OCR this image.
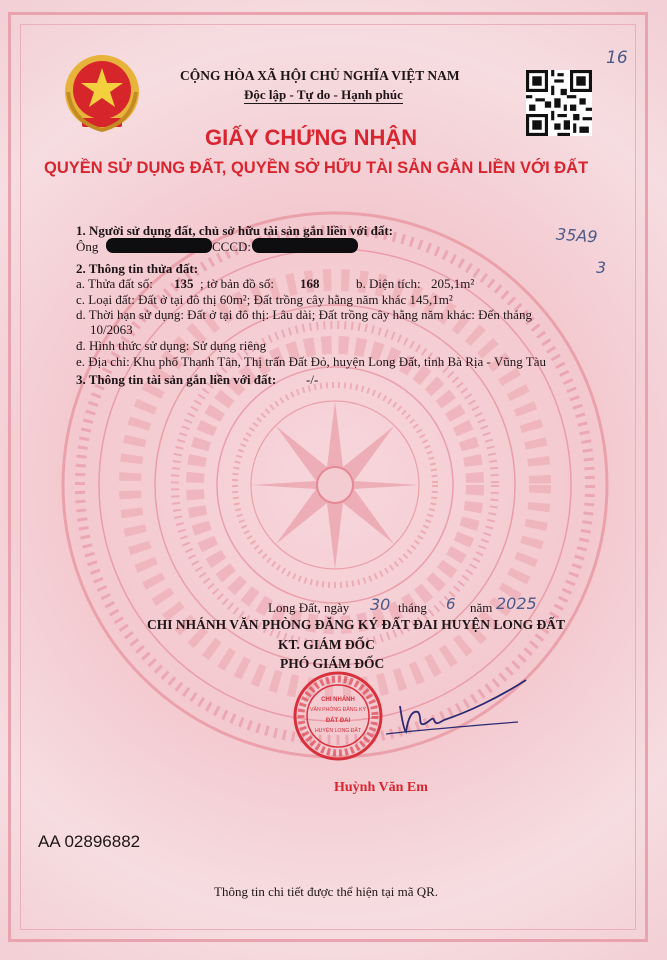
CỘNG HÒA XÃ HỘI CHỦ NGHĨA VIỆT NAM
Độc lập - Tự do - Hạnh phúc
16
35A9
3
GIẤY CHỨNG NHẬN
QUYỀN SỬ DỤNG ĐẤT, QUYỀN SỞ HỮU TÀI SẢN GẮN LIỀN VỚI ĐẤT
1. Người sử dụng đất, chủ sở hữu tài sản gắn liền với đất:
Ông	CCCD:
2. Thông tin thửa đất:
a. Thửa đất số: 135 ; tờ bản đồ số: 168	b. Diện tích: 205,1m²
c. Loại đất: Đất ở tại đô thị 60m²; Đất trồng cây hằng năm khác 145,1m²
d. Thời hạn sử dụng: Đất ở tại đô thị: Lâu dài; Đất trồng cây hằng năm khác: Đến tháng
10/2063
đ. Hình thức sử dụng: Sử dụng riêng
e. Địa chỉ: Khu phố Thanh Tân, Thị trấn Đất Đỏ, huyện Long Đất, tỉnh Bà Rịa - Vũng Tàu
3. Thông tin tài sản gắn liền với đất: -/-
Long Đất, ngày 30 tháng 6 năm 2025
CHI NHÁNH VĂN PHÒNG ĐĂNG KÝ ĐẤT ĐAI HUYỆN LONG ĐẤT
KT. GIÁM ĐỐC
PHÓ GIÁM ĐỐC
CHI NHÁNH
VĂN PHÒNG ĐĂNG KÝ
ĐẤT ĐAI
HUYỆN LONG ĐẤT
Huỳnh Văn Em
AA 02896882
Thông tin chi tiết được thể hiện tại mã QR.
